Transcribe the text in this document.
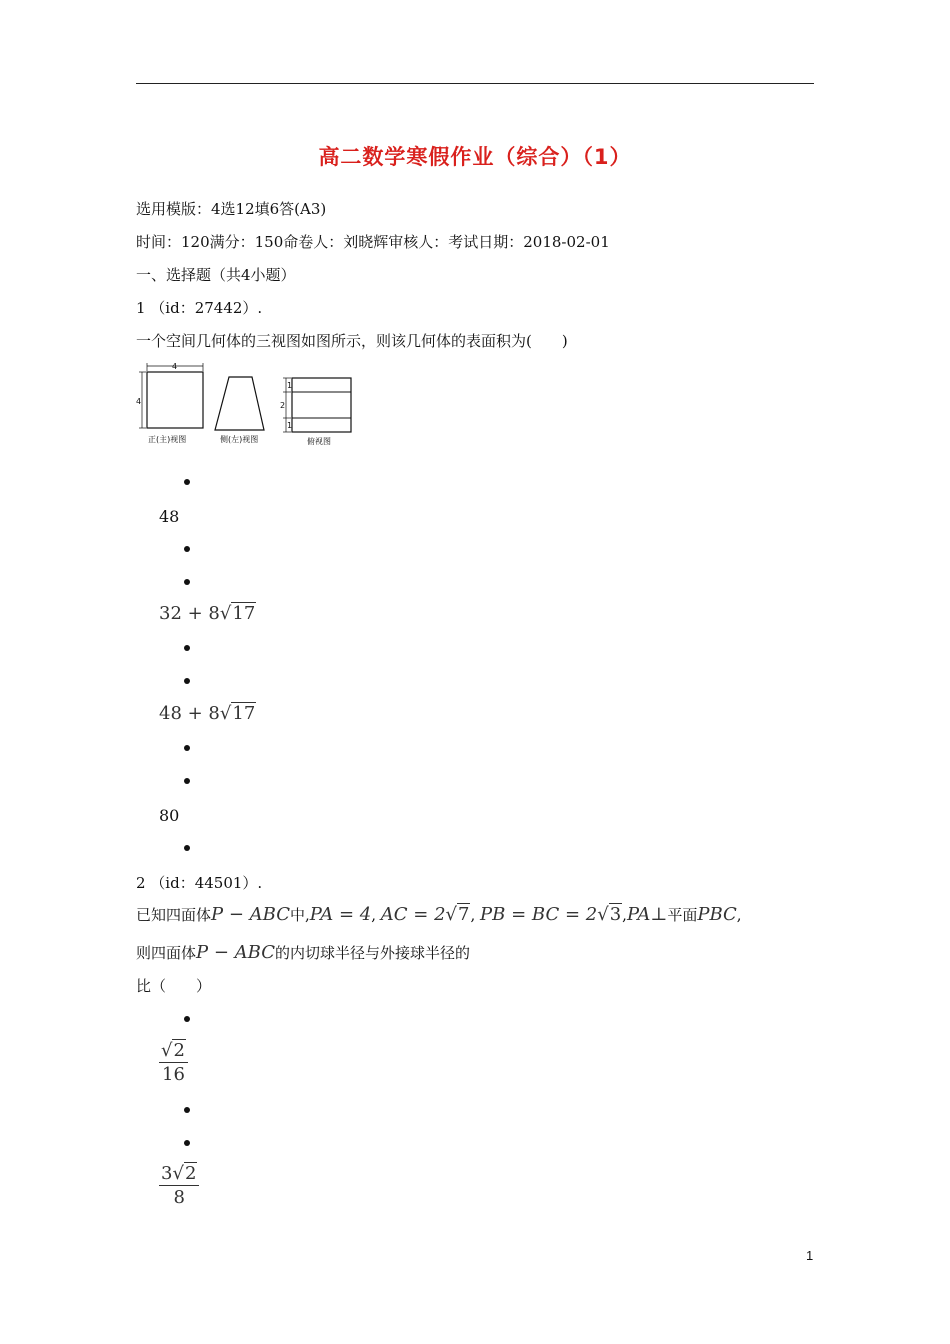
高二数学寒假作业（综合）（1）
选用模版：4选12填6答(A3)
时间：120满分：150命卷人：刘晓辉审核人：考试日期：2018-02-01
一、选择题（共4小题）
1 （id：27442）.
一个空间几何体的三视图如图所示，则该几何体的表面积为(　　)
4
4
正(主)视图	侧(左)视图
1
2
1
俯视图
48
32 + 8√17
48 + 8√17
80
2 （id：44501）.
已知四面体P − ABC中,PA = 4, AC = 2√7, PB = BC = 2√3,PA⊥平面PBC,
则四面体P − ABC的内切球半径与外接球半径的
比（　　）
√2
16
3√2
8
1
